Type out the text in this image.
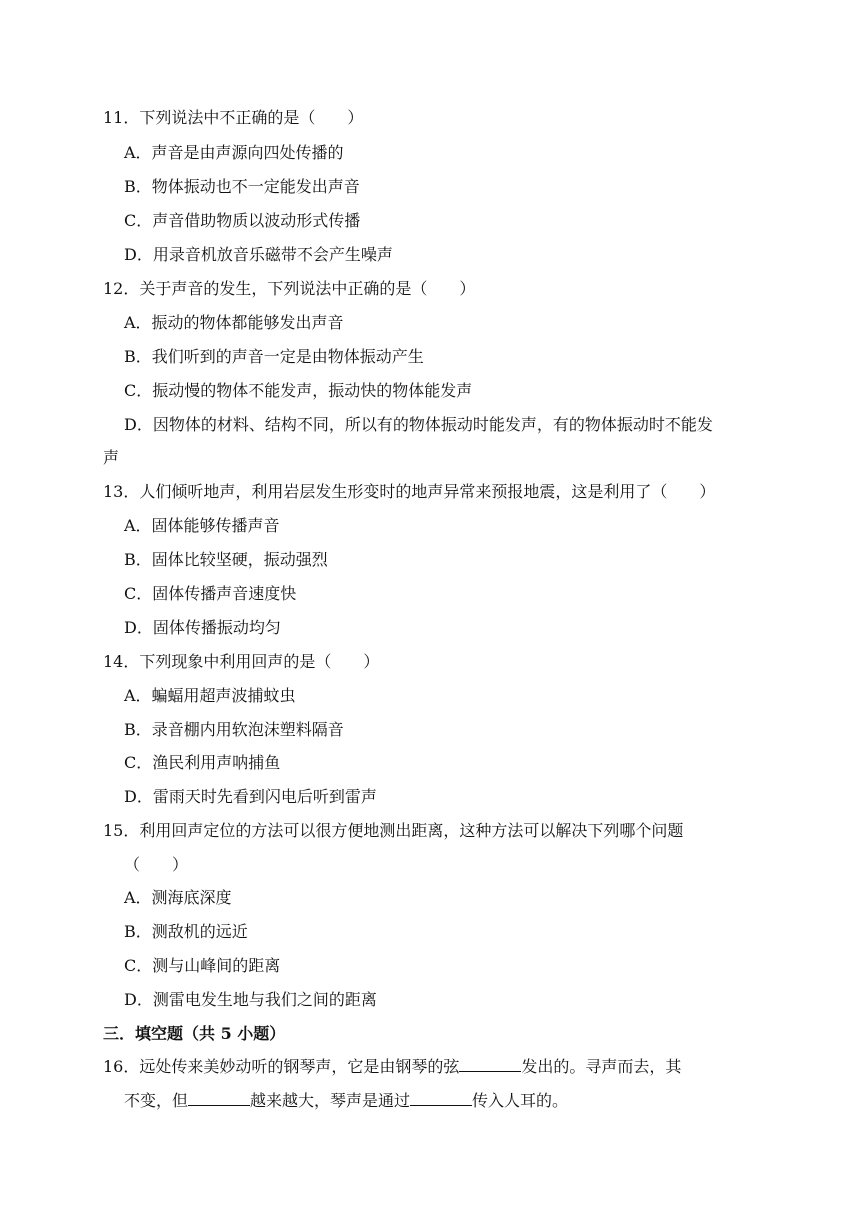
11．下列说法中不正确的是（　　）
A．声音是由声源向四处传播的
B．物体振动也不一定能发出声音
C．声音借助物质以波动形式传播
D．用录音机放音乐磁带不会产生噪声
12．关于声音的发生，下列说法中正确的是（　　）
A．振动的物体都能够发出声音
B．我们听到的声音一定是由物体振动产生
C．振动慢的物体不能发声，振动快的物体能发声
D．因物体的材料、结构不同，所以有的物体振动时能发声，有的物体振动时不能发
声
13．人们倾听地声，利用岩层发生形变时的地声异常来预报地震，这是利用了（　　）
A．固体能够传播声音
B．固体比较坚硬，振动强烈
C．固体传播声音速度快
D．固体传播振动均匀
14．下列现象中利用回声的是（　　）
A．蝙蝠用超声波捕蚊虫
B．录音棚内用软泡沫塑料隔音
C．渔民利用声呐捕鱼
D．雷雨天时先看到闪电后听到雷声
15．利用回声定位的方法可以很方便地测出距离，这种方法可以解决下列哪个问题
（　　）
A．测海底深度
B．测敌机的远近
C．测与山峰间的距离
D．测雷电发生地与我们之间的距离
三．填空题（共 5 小题）
16．远处传来美妙动听的钢琴声，它是由钢琴的弦	发出的。寻声而去，其
不变，但	越来越大，琴声是通过	传入人耳的。
